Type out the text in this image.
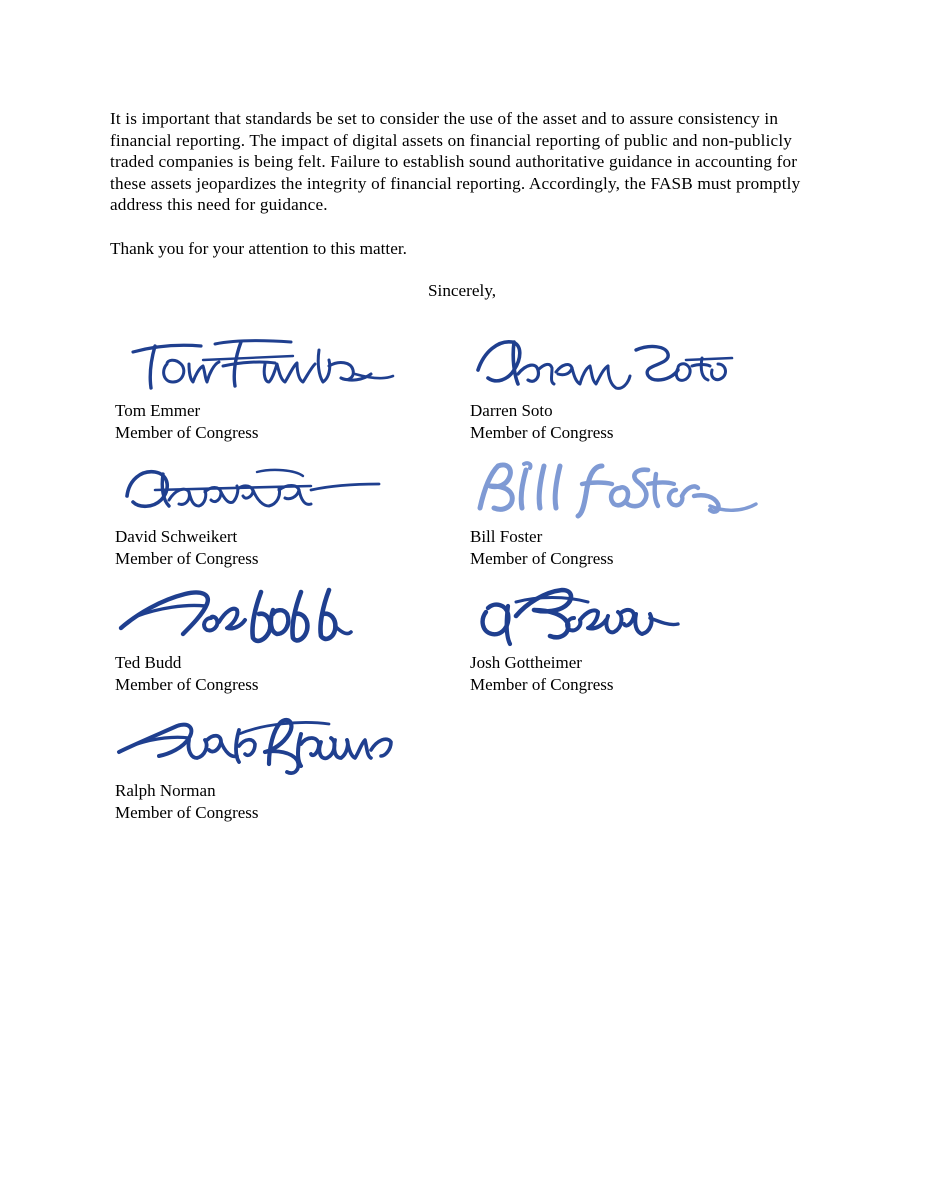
It is important that standards be set to consider the use of the asset and to assure consistency in financial reporting. The impact of digital assets on financial reporting of public and non-publicly traded companies is being felt. Failure to establish sound authoritative guidance in accounting for these assets jeopardizes the integrity of financial reporting. Accordingly, the FASB must promptly address this need for guidance.

Thank you for your attention to this matter.

Sincerely,

Tom Emmer

Member of Congress

Darren Soto

Member of Congress

David Schweikert

Member of Congress

Bill Foster

Member of Congress

Ted Budd

Member of Congress

Josh Gottheimer

Member of Congress

Ralph Norman

Member of Congress
